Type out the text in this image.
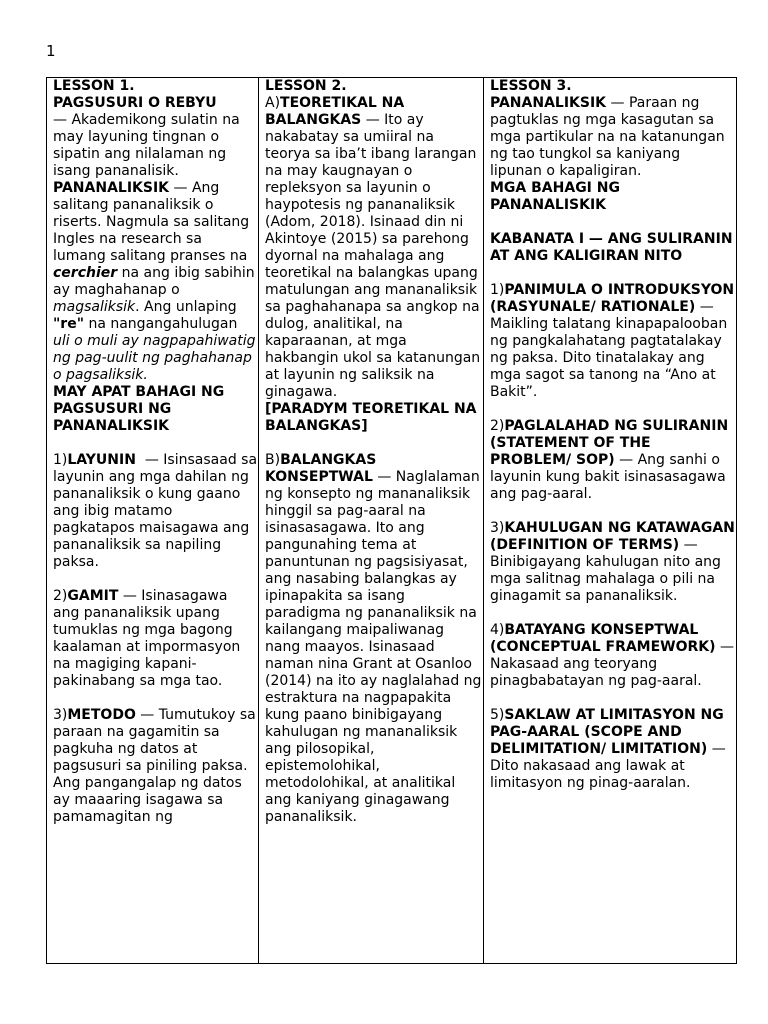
1
LESSON 1.
PAGSUSURI O REBYU
— Akademikong sulatin na may layuning tingnan o sipatin ang nilalaman ng isang pananalisik. PANANALIKSIK — Ang salitang pananaliksik o riserts. Nagmula sa salitang Ingles na research sa lumang salitang pranses na cerchier na ang ibig sabihin ay maghahanap o magsaliksik. Ang unlaping "re" na nangangahulugan uli o muli ay nagpapahiwatig ng pag-uulit ng paghahanap o pagsaliksik.
MAY APAT BAHAGI NG PAGSUSURI NG PANANALIKSIK

1)LAYUNIN  — Isinsasaad sa layunin ang mga dahilan ng pananaliksik o kung gaano ang ibig matamo pagkatapos maisagawa ang pananaliksik sa napiling paksa.

2)GAMIT — Isinasagawa ang pananaliksik upang tumuklas ng mga bagong kaalaman at impormasyon na magiging kapani-pakinabang sa mga tao.

3)METODO — Tumutukoy sa paraan na gagamitin sa pagkuha ng datos at pagsusuri sa piniling paksa. Ang pangangalap ng datos ay maaaring isagawa sa pamamagitan ng

LESSON 2.
A)TEORETIKAL NA BALANGKAS — Ito ay nakabatay sa umiiral na teorya sa iba’t ibang larangan na may kaugnayan o repleksyon sa layunin o haypotesis ng pananaliksik (Adom, 2018). Isinaad din ni Akintoye (2015) sa parehong dyornal na mahalaga ang teoretikal na balangkas upang matulungan ang mananaliksik sa paghahanapa sa angkop na dulog, analitikal, na kaparaanan, at mga hakbangin ukol sa katanungan at layunin ng saliksik na ginagawa.
[PARADYM TEORETIKAL NA BALANGKAS]

B)BALANGKAS KONSEPTWAL — Naglalaman ng konsepto ng mananaliksik hinggil sa pag-aaral na isinasasagawa. Ito ang pangunahing tema at panuntunan ng pagsisiyasat, ang nasabing balangkas ay ipinapakita sa isang paradigma ng pananaliksik na kailangang maipaliwanag nang maayos. Isinasaad naman nina Grant at Osanloo (2014) na ito ay naglalahad ng estraktura na nagpapakita kung paano binibigayang kahulugan ng mananaliksik ang pilosopikal, epistemolohikal, metodolohikal, at analitikal ang kaniyang ginagawang pananaliksik.

LESSON 3.
PANANALIKSIK — Paraan ng pagtuklas ng mga kasagutan sa mga partikular na na katanungan ng tao tungkol sa kaniyang lipunan o kapaligiran.
MGA BAHAGI NG PANANALISKIK

KABANATA I — ANG SULIRANIN AT ANG KALIGIRAN NITO

1)PANIMULA O INTRODUKSYON (RASYUNALE/ RATIONALE) — Maikling talatang kinapapalooban ng pangkalahatang pagtatalakay ng paksa. Dito tinatalakay ang mga sagot sa tanong na “Ano at Bakit”.

2)PAGLALAHAD NG SULIRANIN (STATEMENT OF THE PROBLEM/ SOP) — Ang sanhi o layunin kung bakit isinasasagawa ang pag-aaral.

3)KAHULUGAN NG KATAWAGAN (DEFINITION OF TERMS) — Binibigayang kahulugan nito ang mga salitnag mahalaga o pili na ginagamit sa pananaliksik.

4)BATAYANG KONSEPTWAL (CONCEPTUAL FRAMEWORK) — Nakasaad ang teoryang pinagbabatayan ng pag-aaral.

5)SAKLAW AT LIMITASYON NG PAG-AARAL (SCOPE AND DELIMITATION/ LIMITATION) — Dito nakasaad ang lawak at limitasyon ng pinag-aaralan.
